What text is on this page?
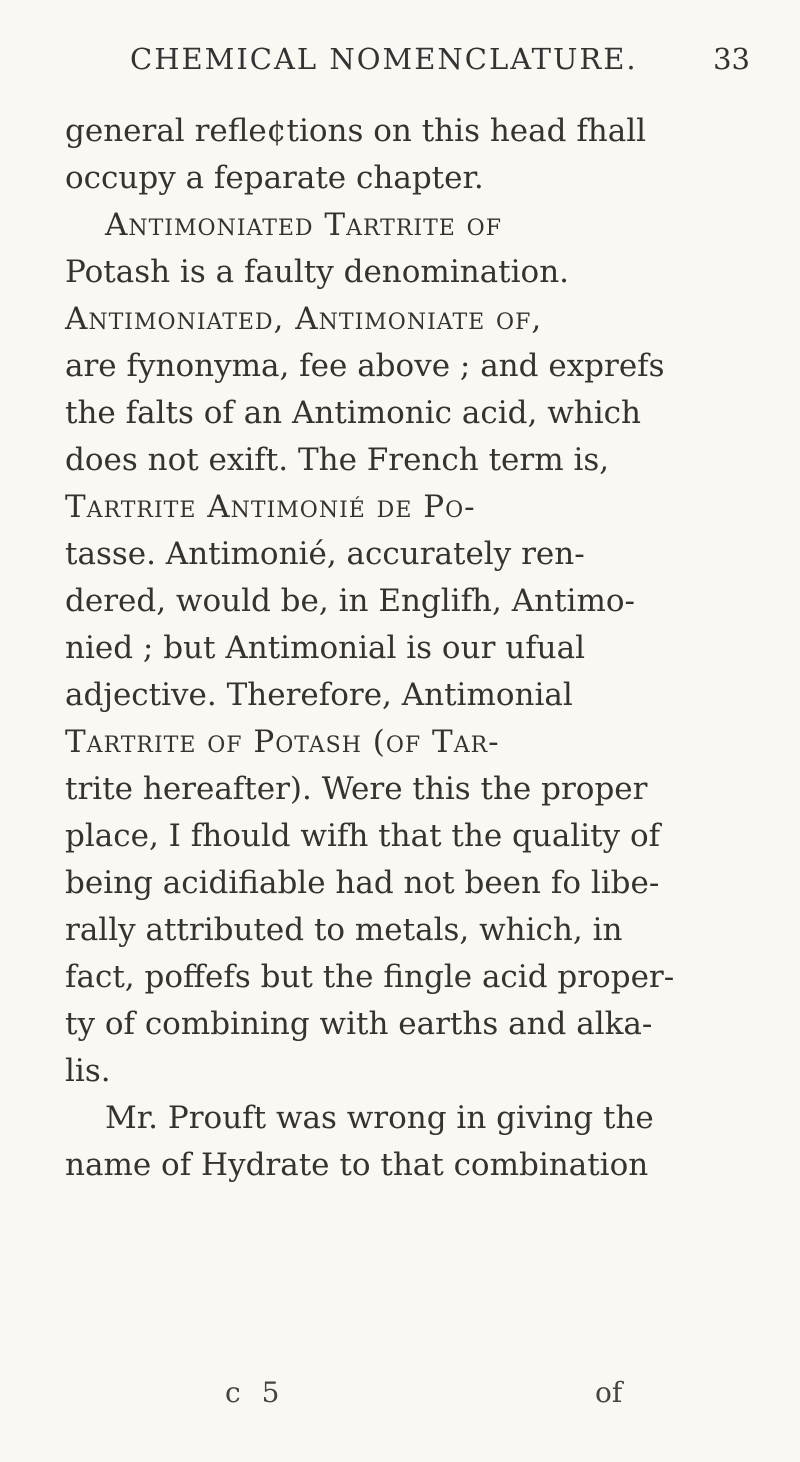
CHEMICAL NOMENCLATURE.	33
general refle¢tions on this head fhall
occupy a feparate chapter.
Antimoniated Tartrite of
Potash is a faulty denomination.
Antimoniated, Antimoniate of,
are fynonyma, fee above ; and exprefs
the falts of an Antimonic acid, which
does not exift. The French term is,
Tartrite Antimonié de Po-
tasse. Antimonié, accurately ren-
dered, would be, in Englifh, Antimo-
nied ; but Antimonial is our ufual
adjective. Therefore, Antimonial
Tartrite of Potash (of Tar-
trite hereafter). Were this the proper
place, I fhould wifh that the quality of
being acidifiable had not been fo libe-
rally attributed to metals, which, in
fact, poffefs but the fingle acid proper-
ty of combining with earths and alka-
lis.
Mr. Prouft was wrong in giving the
name of Hydrate to that combination
c 5	of
